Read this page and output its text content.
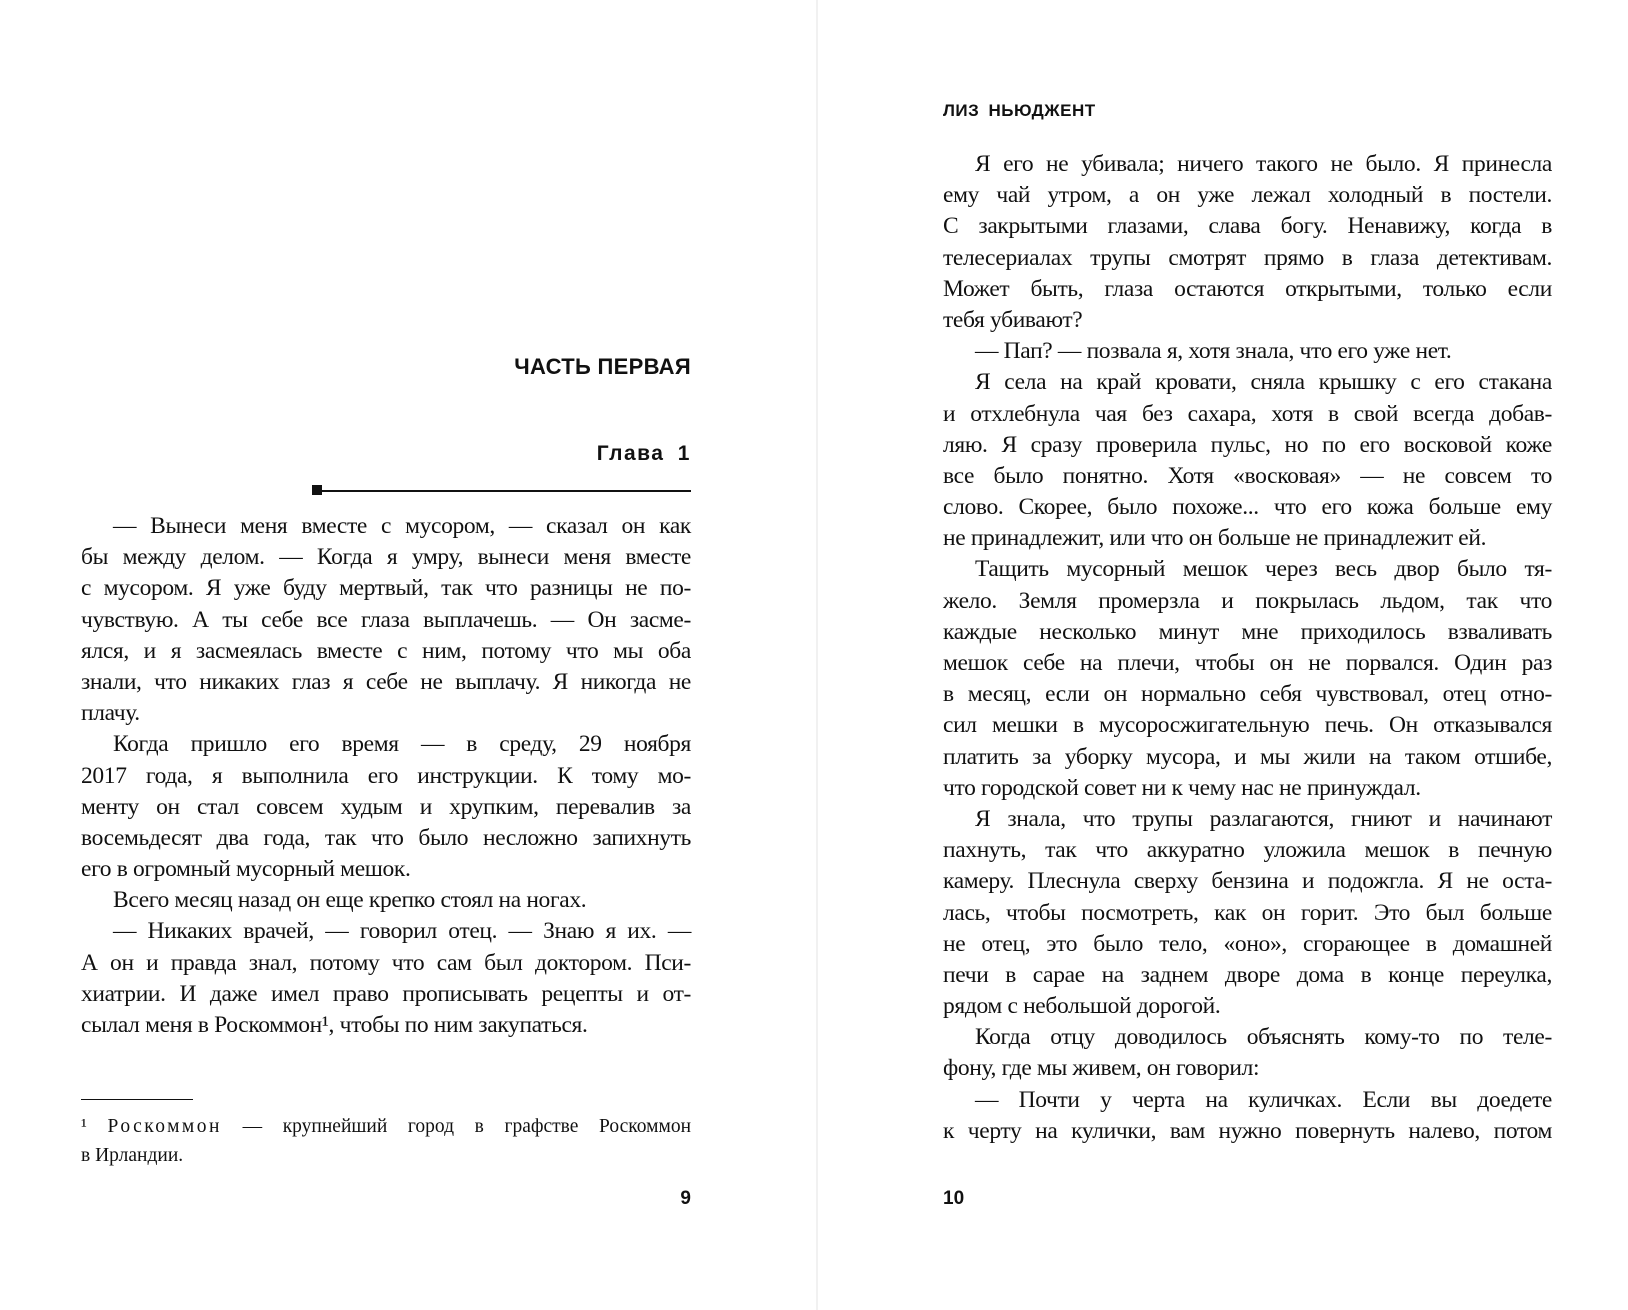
ЧАСТЬ ПЕРВАЯ
Глава 1
— Вынеси меня вместе с мусором, — сказал он как
бы между делом. — Когда я умру, вынеси меня вместе
с мусором. Я уже буду мертвый, так что разницы не по-
чувствую. А ты себе все глаза выплачешь. — Он засме-
ялся, и я засмеялась вместе с ним, потому что мы оба
знали, что никаких глаз я себе не выплачу. Я никогда не
плачу.
Когда пришло его время — в среду, 29 ноября
2017 года, я выполнила его инструкции. К тому мо-
менту он стал совсем худым и хрупким, перевалив за
восемьдесят два года, так что было несложно запихнуть
его в огромный мусорный мешок.
Всего месяц назад он еще крепко стоял на ногах.
— Никаких врачей, — говорил отец. — Знаю я их. —
А он и правда знал, потому что сам был доктором. Пси-
хиатрии. И даже имел право прописывать рецепты и от-
сылал меня в Роскоммон¹, чтобы по ним закупаться.
¹ Роскоммон — крупнейший город в графстве Роскоммон
в Ирландии.
9
ЛИЗ НЬЮДЖЕНТ
Я его не убивала; ничего такого не было. Я принесла
ему чай утром, а он уже лежал холодный в постели.
С закрытыми глазами, слава богу. Ненавижу, когда в
телесериалах трупы смотрят прямо в глаза детективам.
Может быть, глаза остаются открытыми, только если
тебя убивают?
— Пап? — позвала я, хотя знала, что его уже нет.
Я села на край кровати, сняла крышку с его стакана
и отхлебнула чая без сахара, хотя в свой всегда добав-
ляю. Я сразу проверила пульс, но по его восковой коже
все было понятно. Хотя «восковая» — не совсем то
слово. Скорее, было похоже... что его кожа больше ему
не принадлежит, или что он больше не принадлежит ей.
Тащить мусорный мешок через весь двор было тя-
жело. Земля промерзла и покрылась льдом, так что
каждые несколько минут мне приходилось взваливать
мешок себе на плечи, чтобы он не порвался. Один раз
в месяц, если он нормально себя чувствовал, отец отно-
сил мешки в мусоросжигательную печь. Он отказывался
платить за уборку мусора, и мы жили на таком отшибе,
что городской совет ни к чему нас не принуждал.
Я знала, что трупы разлагаются, гниют и начинают
пахнуть, так что аккуратно уложила мешок в печную
камеру. Плеснула сверху бензина и подожгла. Я не оста-
лась, чтобы посмотреть, как он горит. Это был больше
не отец, это было тело, «оно», сгорающее в домашней
печи в сарае на заднем дворе дома в конце переулка,
рядом с небольшой дорогой.
Когда отцу доводилось объяснять кому-то по теле-
фону, где мы живем, он говорил:
— Почти у черта на куличках. Если вы доедете
к черту на кулички, вам нужно повернуть налево, потом
10
